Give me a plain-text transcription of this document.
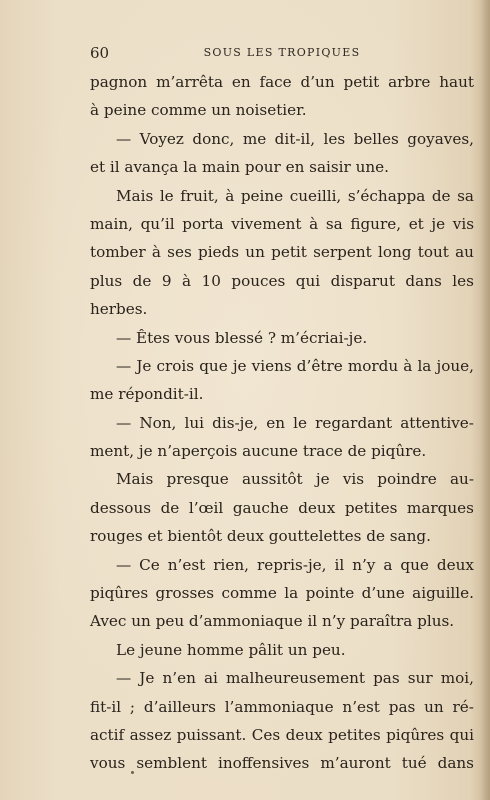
60	SOUS LES TROPIQUES
pagnon m’arrêta en face d’un petit arbre haut
à peine comme un noisetier.
— Voyez donc, me dit-il, les belles goyaves,
et il avança la main pour en saisir une.
Mais le fruit, à peine cueilli, s’échappa de sa
main, qu’il porta vivement à sa figure, et je vis
tomber à ses pieds un petit serpent long tout au
plus de 9 à 10 pouces qui disparut dans les
herbes.
— Êtes vous blessé ? m’écriai-je.
— Je crois que je viens d’être mordu à la joue,
me répondit-il.
— Non, lui dis-je, en le regardant attentive-
ment, je n’aperçois aucune trace de piqûre.
Mais presque aussitôt je vis poindre au-
dessous de l’œil gauche deux petites marques
rouges et bientôt deux gouttelettes de sang.
— Ce n’est rien, repris-je, il n’y a que deux
piqûres grosses comme la pointe d’une aiguille.
Avec un peu d’ammoniaque il n’y paraîtra plus.
Le jeune homme pâlit un peu.
— Je n’en ai malheureusement pas sur moi,
fit-il ; d’ailleurs l’ammoniaque n’est pas un ré-
actif assez puissant. Ces deux petites piqûres qui
vous semblent inoffensives m’auront tué dans
